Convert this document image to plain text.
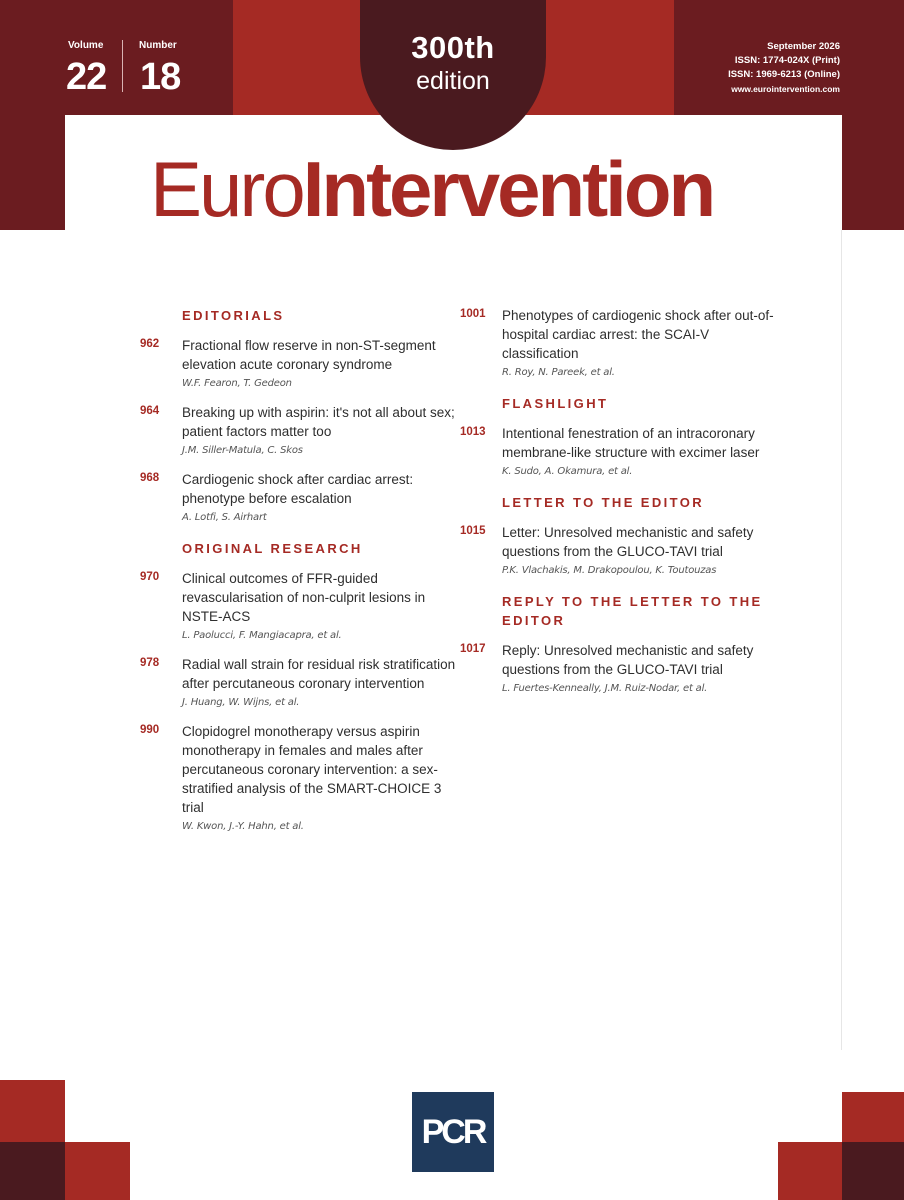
Volume
22
Number
18
September 2026
ISSN: 1774-024X (Print)
ISSN: 1969-6213 (Online)
www.eurointervention.com
300th
edition
EuroIntervention
EDITORIALS
962	Fractional flow reserve in non-ST-segment elevation acute coronary syndrome
W.F. Fearon, T. Gedeon
964	Breaking up with aspirin: it's not all about sex; patient factors matter too
J.M. Siller-Matula, C. Skos
968	Cardiogenic shock after cardiac arrest: phenotype before escalation
A. Lotfi, S. Airhart
ORIGINAL RESEARCH
970	Clinical outcomes of FFR-guided revascularisation of non-culprit lesions in NSTE-ACS
L. Paolucci, F. Mangiacapra, et al.
978	Radial wall strain for residual risk stratification after percutaneous coronary intervention
J. Huang, W. Wijns, et al.
990	Clopidogrel monotherapy versus aspirin monotherapy in females and males after percutaneous coronary intervention: a sex-stratified analysis of the SMART-CHOICE 3 trial
W. Kwon, J.-Y. Hahn, et al.
1001	Phenotypes of cardiogenic shock after out-of-hospital cardiac arrest: the SCAI-V classification
R. Roy, N. Pareek, et al.
FLASHLIGHT
1013	Intentional fenestration of an intracoronary membrane-like structure with excimer laser
K. Sudo, A. Okamura, et al.
LETTER TO THE EDITOR
1015	Letter: Unresolved mechanistic and safety questions from the GLUCO-TAVI trial
P.K. Vlachakis, M. Drakopoulou, K. Toutouzas
REPLY TO THE LETTER TO THE EDITOR
1017	Reply: Unresolved mechanistic and safety questions from the GLUCO-TAVI trial
L. Fuertes-Kenneally, J.M. Ruiz-Nodar, et al.
PCR
